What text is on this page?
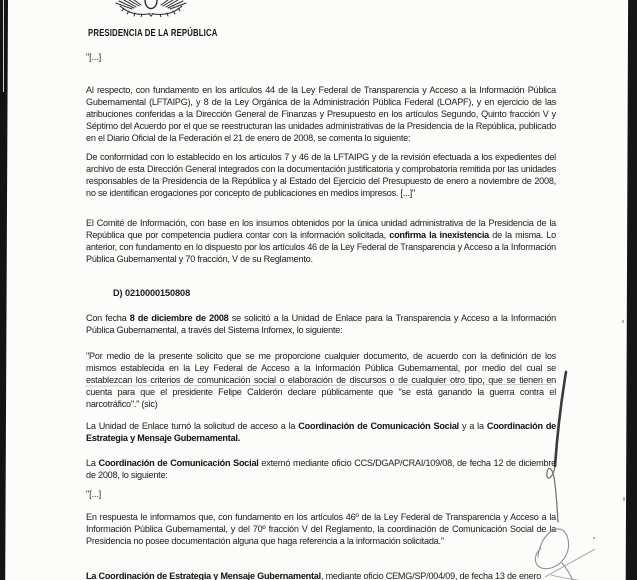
PRESIDENCIA DE LA REPÚBLICA
"[...]

Al respecto, con fundamento en los artículos 44 de la Ley Federal de Transparencia y Acceso a la Información Pública Gubernamental (LFTAIPG), y 8 de la Ley Orgánica de la Administración Pública Federal (LOAPF), y en ejercicio de las atribuciones conferidas a la Dirección General de Finanzas y Presupuesto en los artículos Segundo, Quinto fracción V y Séptimo del Acuerdo por el que se reestructuran las unidades administrativas de la Presidencia de la República, publicado en el Diario Oficial de la Federación el 21 de enero de 2008, se comenta lo siguiente:

De conformidad con lo establecido en los artículos 7 y 46 de la LFTAIPG y de la revisión efectuada a los expedientes del archivo de esta Dirección General integrados con la documentación justificatoria y comprobatoria remitida por las unidades responsables de la Presidencia de la República y al Estado del Ejercicio del Presupuesto de enero a noviembre de 2008, no se identifican erogaciones por concepto de publicaciones en medios impresos. [...]"

El Comité de Información, con base en los insumos obtenidos por la única unidad administrativa de la Presidencia de la República que por competencia pudiera contar con la información solicitada, confirma la inexistencia de la misma. Lo anterior, con fundamento en lo dispuesto por los artículos 46 de la Ley Federal de Transparencia y Acceso a la Información Pública Gubernamental y 70 fracción, V de su Reglamento.

D) 0210000150808

Con fecha 8 de diciembre de 2008 se solicitó a la Unidad de Enlace para la Transparencia y Acceso a la Información Pública Gubernamental, a través del Sistema Infomex, lo siguiente:

"Por medio de la presente solicito que se me proporcione cualquier documento, de acuerdo con la definición de los mismos establecida en la Ley Federal de Acceso a la Información Pública Gubernamental, por medio del cual se establezcan los criterios de comunicación social o elaboración de discursos o de cualquier otro tipo, que se tienen en cuenta para que el presidente Felipe Calderón declare públicamente que "se está ganando la guerra contra el narcotráfico"." (sic)

La Unidad de Enlace turnó la solicitud de acceso a la Coordinación de Comunicación Social y a la Coordinación de Estrategia y Mensaje Gubernamental.

La Coordinación de Comunicación Social externó mediante oficio CCS/DGAP/CRAI/109/08, de fecha 12 de diciembre de 2008, lo siguiente:

"[...]

En respuesta le informamos que, con fundamento en los artículos 46º de la Ley Federal de Transparencia y Acceso a la Información Pública Gubernamental, y del 70º fracción V del Reglamento, la coordinación de Comunicación Social de la Presidencia no posee documentación alguna que haga referencia a la información solicitada."

La Coordinación de Estrategia y Mensaje Gubernamental, mediante oficio CEMG/SP/004/09, de fecha 13 de enero
